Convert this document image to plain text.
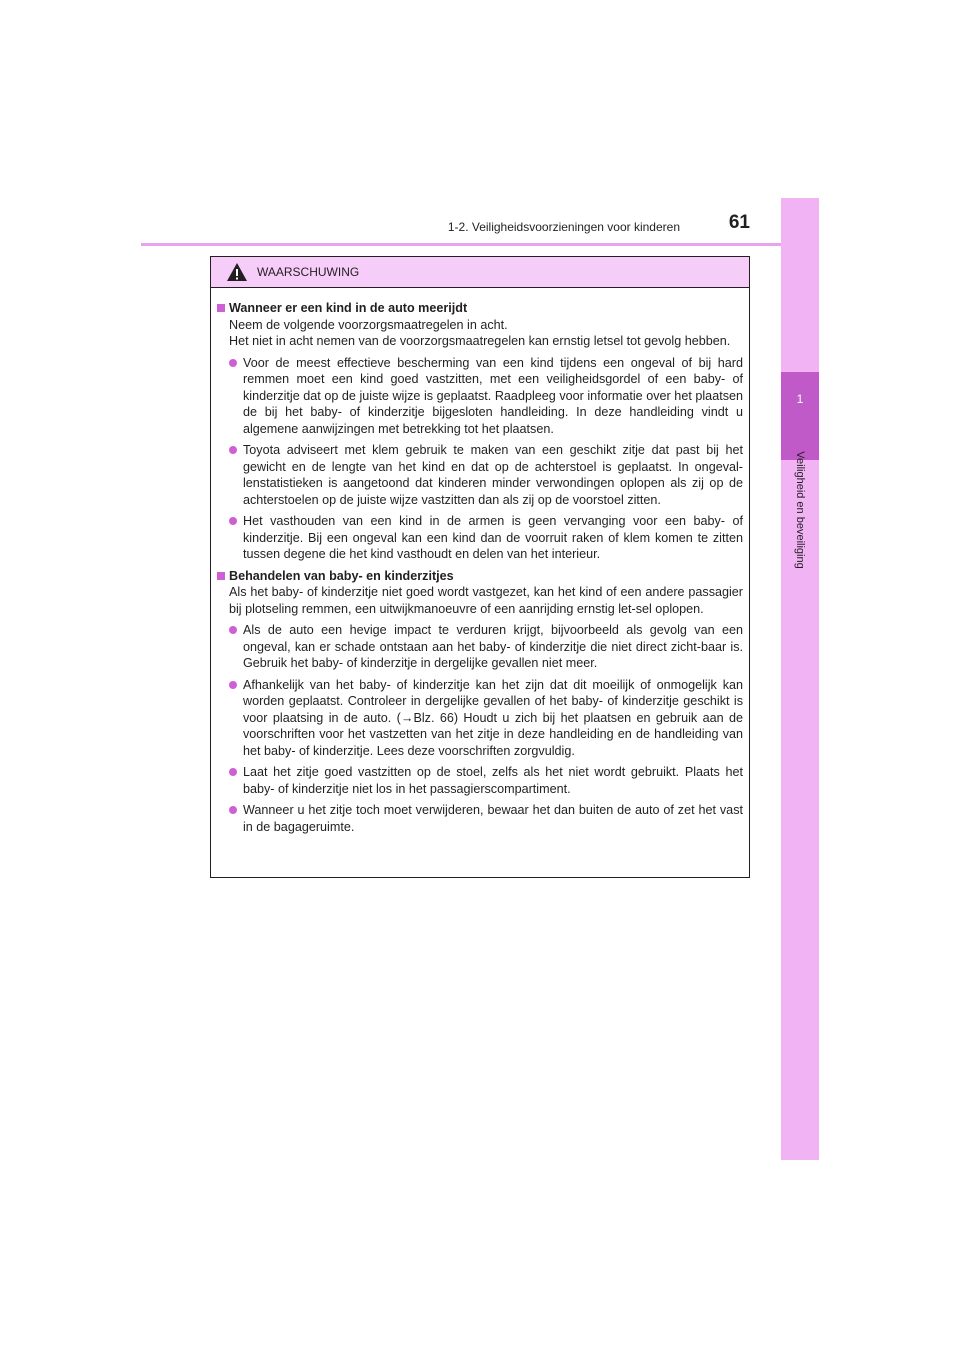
1-2. Veiligheidsvoorzieningen voor kinderen	61
1
Veiligheid en beveiliging
WAARSCHUWING
Wanneer er een kind in de auto meerijdt
Neem de volgende voorzorgsmaatregelen in acht.
Het niet in acht nemen van de voorzorgsmaatregelen kan ernstig letsel tot gevolg hebben.
Voor de meest effectieve bescherming van een kind tijdens een ongeval of bij hard remmen moet een kind goed vastzitten, met een veiligheidsgordel of een baby- of kinderzitje dat op de juiste wijze is geplaatst. Raadpleeg voor informatie over het plaatsen de bij het baby- of kinderzitje bijgesloten handleiding. In deze handleiding vindt u algemene aanwijzingen met betrekking tot het plaatsen.
Toyota adviseert met klem gebruik te maken van een geschikt zitje dat past bij het gewicht en de lengte van het kind en dat op de achterstoel is geplaatst. In ongeval-lenstatistieken is aangetoond dat kinderen minder verwondingen oplopen als zij op de achterstoelen op de juiste wijze vastzitten dan als zij op de voorstoel zitten.
Het vasthouden van een kind in de armen is geen vervanging voor een baby- of kinderzitje. Bij een ongeval kan een kind dan de voorruit raken of klem komen te zitten tussen degene die het kind vasthoudt en delen van het interieur.
Behandelen van baby- en kinderzitjes
Als het baby- of kinderzitje niet goed wordt vastgezet, kan het kind of een andere passagier bij plotseling remmen, een uitwijkmanoeuvre of een aanrijding ernstig let-sel oplopen.
Als de auto een hevige impact te verduren krijgt, bijvoorbeeld als gevolg van een ongeval, kan er schade ontstaan aan het baby- of kinderzitje die niet direct zicht-baar is. Gebruik het baby- of kinderzitje in dergelijke gevallen niet meer.
Afhankelijk van het baby- of kinderzitje kan het zijn dat dit moeilijk of onmogelijk kan worden geplaatst. Controleer in dergelijke gevallen of het baby- of kinderzitje geschikt is voor plaatsing in de auto. (→Blz. 66) Houdt u zich bij het plaatsen en gebruik aan de voorschriften voor het vastzetten van het zitje in deze handleiding en de handleiding van het baby- of kinderzitje. Lees deze voorschriften zorgvuldig.
Laat het zitje goed vastzitten op de stoel, zelfs als het niet wordt gebruikt. Plaats het baby- of kinderzitje niet los in het passagierscompartiment.
Wanneer u het zitje toch moet verwijderen, bewaar het dan buiten de auto of zet het vast in de bagageruimte.
